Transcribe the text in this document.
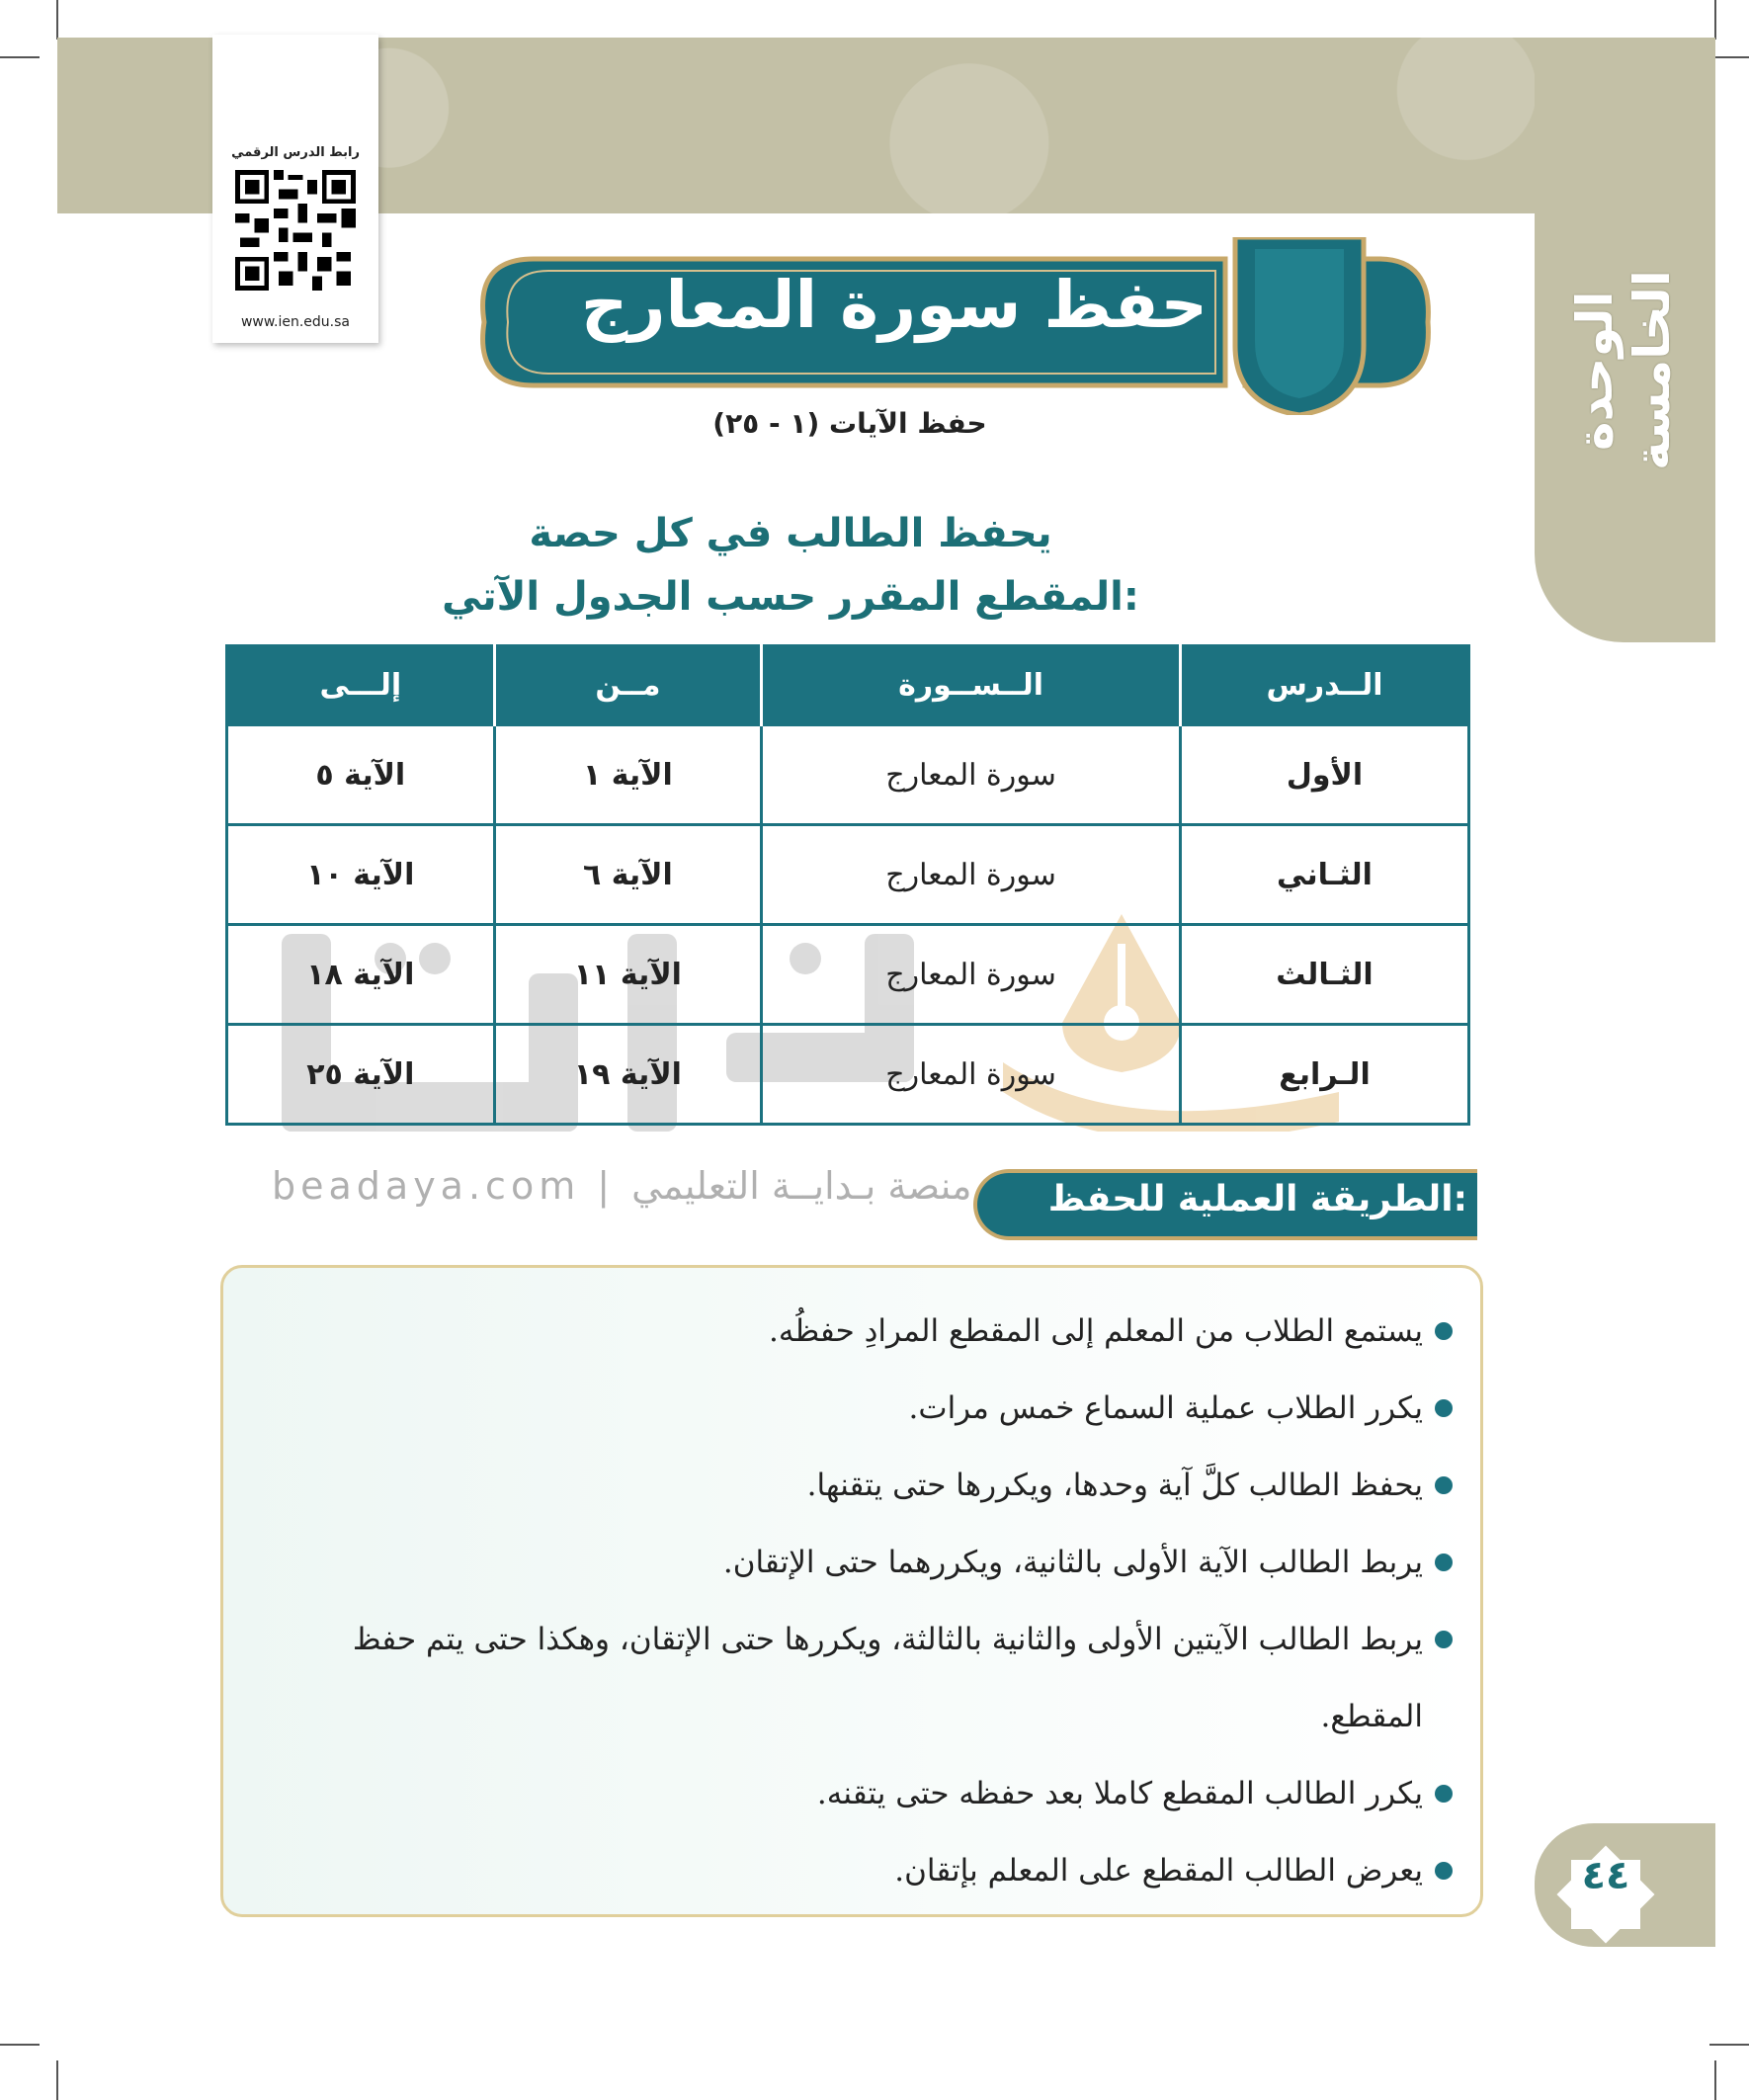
الوحدة الخامسة
رابط الدرس الرقمي
www.ien.edu.sa	حفظ سورة المعارج
حفظ الآيات (١ - ٢٥)
يحفظ الطالب في كل حصة
المقطع المقرر حسب الجدول الآتي:
الــدرس	الــســورة	مــن	إلـــى
الأول	سورة المعارج	الآية ١	الآية ٥
الثـاني	سورة المعارج	الآية ٦	الآية ١٠
الثـالث	سورة المعارج	الآية ١١	الآية ١٨
الـرابع	سورة المعارج	الآية ١٩	الآية ٢٥
beadaya.com | منصة بـدايــة التعليمي	الطريقة العملية للحفظ:
يستمع الطلاب من المعلم إلى المقطع المرادِ حفظُه.
يكرر الطلاب عملية السماع خمس مرات.
يحفظ الطالب كلَّ آية وحدها، ويكررها حتى يتقنها.
يربط الطالب الآية الأولى بالثانية، ويكررهما حتى الإتقان.
يربط الطالب الآيتين الأولى والثانية بالثالثة، ويكررها حتى الإتقان، وهكذا حتى يتم حفظ المقطع.
يكرر الطالب المقطع كاملا بعد حفظه حتى يتقنه.
يعرض الطالب المقطع على المعلم بإتقان.	٤٤
